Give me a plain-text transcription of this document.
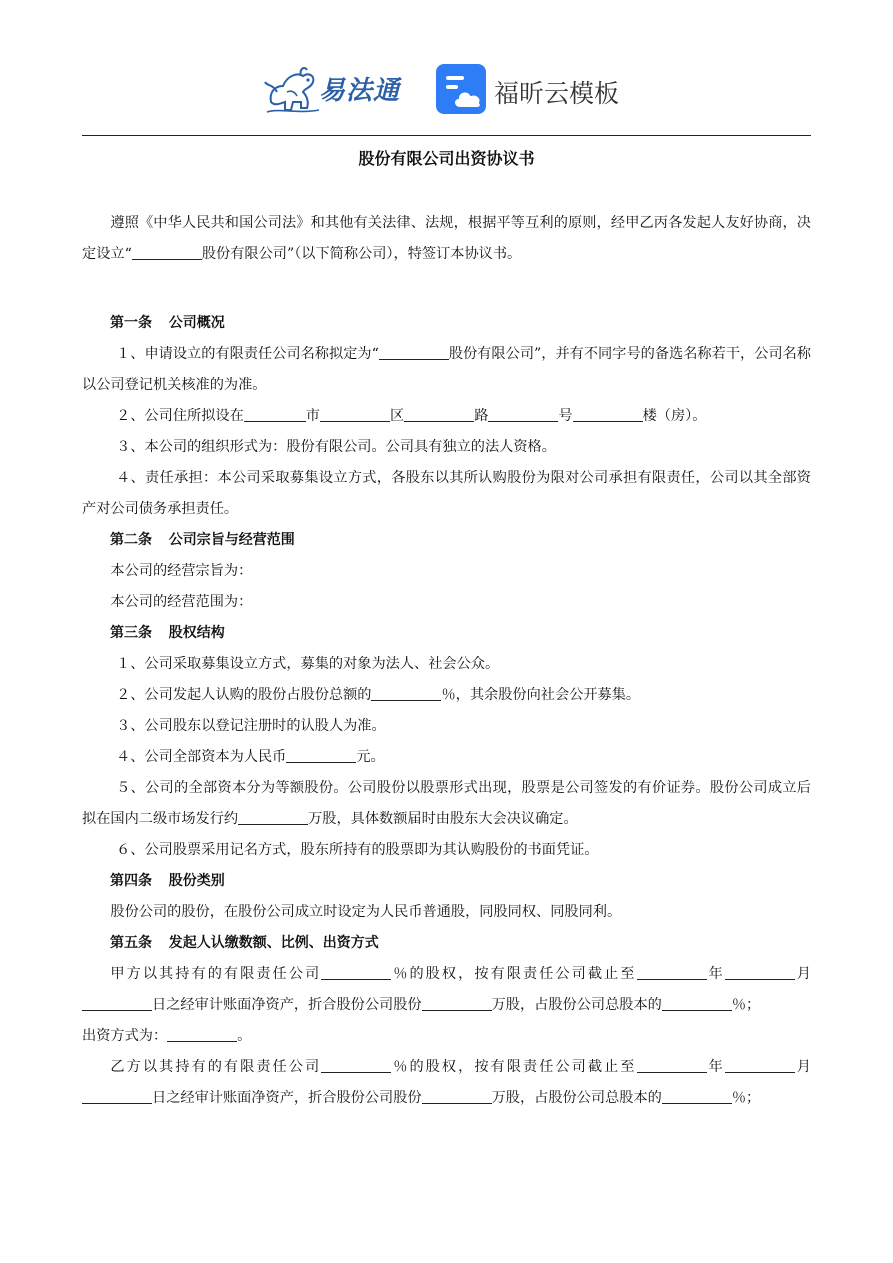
易法通	福昕云模板
股份有限公司出资协议书

遵照《中华人民共和国公司法》和其他有关法律、法规，根据平等互利的原则，经甲乙丙各发起人友好协商，决定设立“	股份有限公司”（以下简称公司），特签订本协议书。

第一条 公司概况

１、申请设立的有限责任公司名称拟定为“	股份有限公司”，并有不同字号的备选名称若干，公司名称以公司登记机关核准的为准。

２、公司住所拟设在	市	区	路	号	楼（房）。

３、本公司的组织形式为：股份有限公司。公司具有独立的法人资格。

４、责任承担：本公司采取募集设立方式，各股东以其所认购股份为限对公司承担有限责任，公司以其全部资产对公司债务承担责任。

第二条 公司宗旨与经营范围

本公司的经营宗旨为：

本公司的经营范围为：

第三条 股权结构

１、公司采取募集设立方式，募集的对象为法人、社会公众。

２、公司发起人认购的股份占股份总额的	％，其余股份向社会公开募集。

３、公司股东以登记注册时的认股人为准。

４、公司全部资本为人民币	元。

５、公司的全部资本分为等额股份。公司股份以股票形式出现，股票是公司签发的有价证券。股份公司成立后拟在国内二级市场发行约	万股，具体数额届时由股东大会决议确定。

６、公司股票采用记名方式，股东所持有的股票即为其认购股份的书面凭证。

第四条 股份类别

股份公司的股份，在股份公司成立时设定为人民币普通股，同股同权、同股同利。

第五条 发起人认缴数额、比例、出资方式

甲方以其持有的有限责任公司	％的股权，按有限责任公司截止至	年	月日之经审计账面净资产，折合股份公司股份	万股，占股份公司总股本的	％；

出资方式为：	。

乙方以其持有的有限责任公司	％的股权，按有限责任公司截止至	年	月日之经审计账面净资产，折合股份公司股份	万股，占股份公司总股本的	％；
